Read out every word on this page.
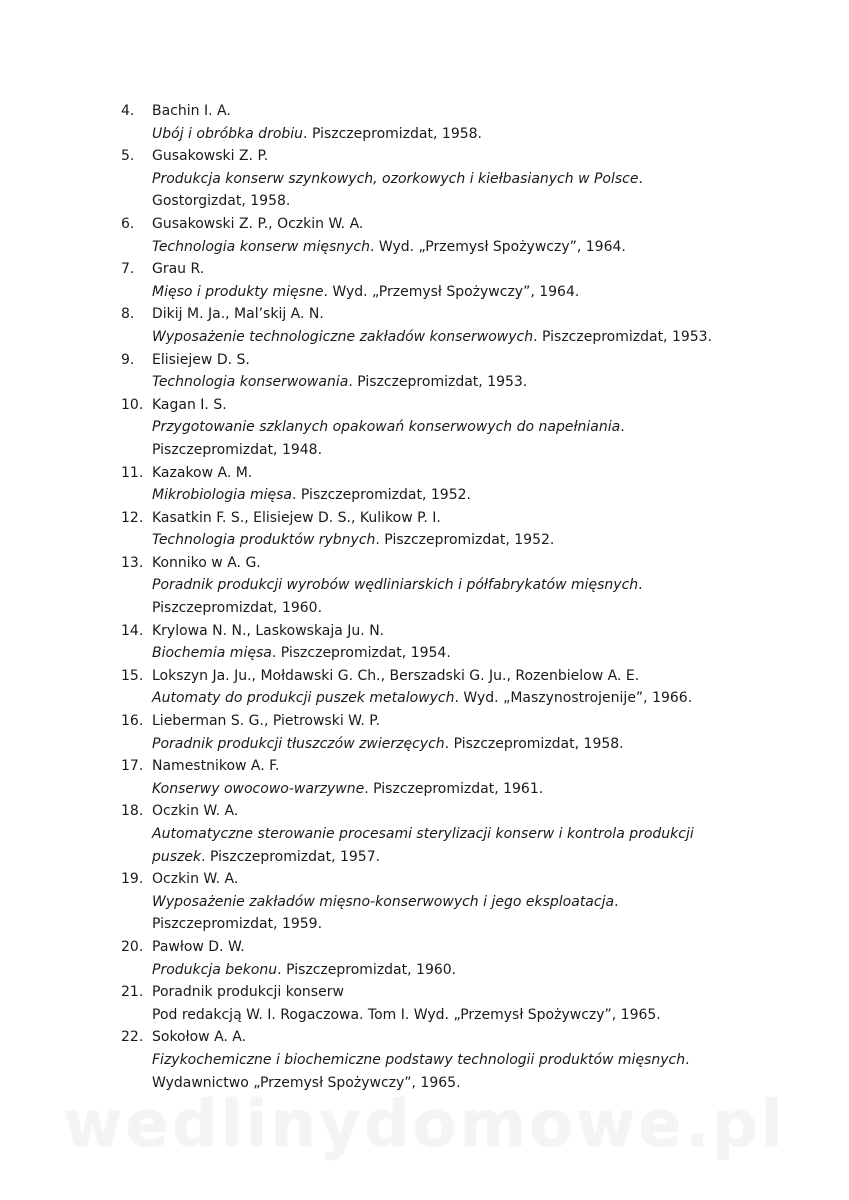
4. Bachin I. A.
Ubój i obróbka drobiu. Piszczepromizdat, 1958.
5. Gusakowski Z. P.
Produkcja konserw szynkowych, ozorkowych i kiełbasianych w Polsce.
Gostorgizdat, 1958.
6. Gusakowski Z. P., Oczkin W. A.
Technologia konserw mięsnych. Wyd. „Przemysł Spożywczy”, 1964.
7. Grau R.
Mięso i produkty mięsne. Wyd. „Przemysł Spożywczy”, 1964.
8. Dikij M. Ja., Mal’skij A. N.
Wyposażenie technologiczne zakładów konserwowych. Piszczepromizdat, 1953.
9. Elisiejew D. S.
Technologia konserwowania. Piszczepromizdat, 1953.
10. Kagan I. S.
Przygotowanie szklanych opakowań konserwowych do napełniania.
Piszczepromizdat, 1948.
11. Kazakow A. M.
Mikrobiologia mięsa. Piszczepromizdat, 1952.
12. Kasatkin F. S., Elisiejew D. S., Kulikow P. I.
Technologia produktów rybnych. Piszczepromizdat, 1952.
13. Konniko w A. G.
Poradnik produkcji wyrobów wędliniarskich i półfabrykatów mięsnych.
Piszczepromizdat, 1960.
14. Krylowa N. N., Laskowskaja Ju. N.
Biochemia mięsa. Piszczepromizdat, 1954.
15. Lokszyn Ja. Ju., Mołdawski G. Ch., Berszadski G. Ju., Rozenbielow A. E.
Automaty do produkcji puszek metalowych. Wyd. „Maszynostrojenije”, 1966.
16. Lieberman S. G., Pietrowski W. P.
Poradnik produkcji tłuszczów zwierzęcych. Piszczepromizdat, 1958.
17. Namestnikow A. F.
Konserwy owocowo-warzywne. Piszczepromizdat, 1961.
18. Oczkin W. A.
Automatyczne sterowanie procesami sterylizacji konserw i kontrola produkcji
puszek. Piszczepromizdat, 1957.
19. Oczkin W. A.
Wyposażenie zakładów mięsno-konserwowych i jego eksploatacja.
Piszczepromizdat, 1959.
20. Pawłow D. W.
Produkcja bekonu. Piszczepromizdat, 1960.
21. Poradnik produkcji konserw
Pod redakcją W. I. Rogaczowa. Tom I. Wyd. „Przemysł Spożywczy”, 1965.
22. Sokołow A. A.
Fizykochemiczne i biochemiczne podstawy technologii produktów mięsnych.
Wydawnictwo „Przemysł Spożywczy”, 1965.
wedlinydomowe.pl
